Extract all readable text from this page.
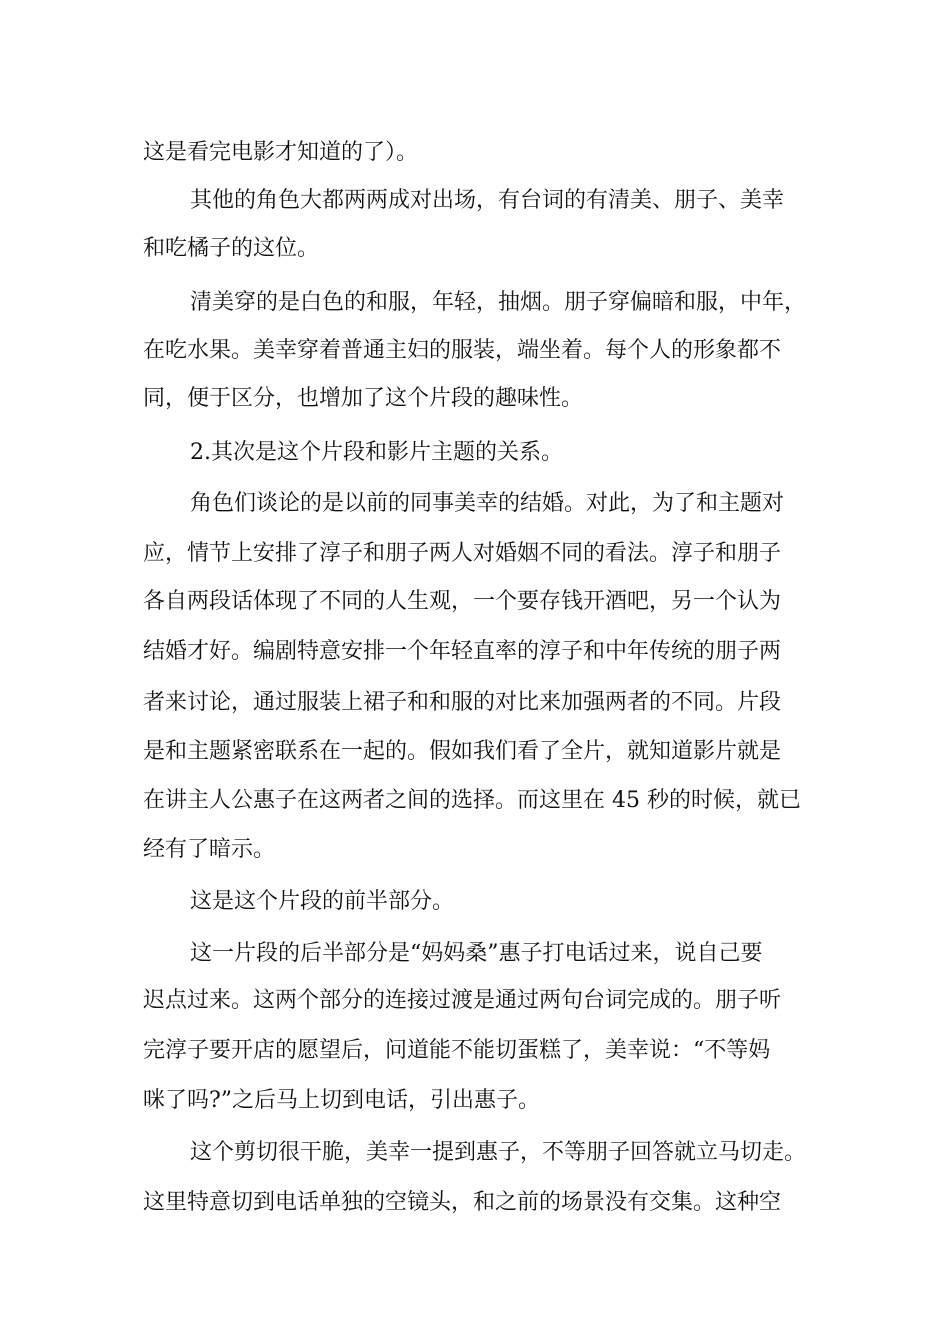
这是看完电影才知道的了）。
其他的角色大都两两成对出场，有台词的有清美、朋子、美幸
和吃橘子的这位。
清美穿的是白色的和服，年轻，抽烟。朋子穿偏暗和服，中年，
在吃水果。美幸穿着普通主妇的服装，端坐着。每个人的形象都不
同，便于区分，也增加了这个片段的趣味性。
2.其次是这个片段和影片主题的关系。
角色们谈论的是以前的同事美幸的结婚。对此，为了和主题对
应，情节上安排了淳子和朋子两人对婚姻不同的看法。淳子和朋子
各自两段话体现了不同的人生观，一个要存钱开酒吧，另一个认为
结婚才好。编剧特意安排一个年轻直率的淳子和中年传统的朋子两
者来讨论，通过服装上裙子和和服的对比来加强两者的不同。片段
是和主题紧密联系在一起的。假如我们看了全片，就知道影片就是
在讲主人公惠子在这两者之间的选择。而这里在 45 秒的时候，就已
经有了暗示。
这是这个片段的前半部分。
这一片段的后半部分是“妈妈桑”惠子打电话过来，说自己要
迟点过来。这两个部分的连接过渡是通过两句台词完成的。朋子听
完淳子要开店的愿望后，问道能不能切蛋糕了，美幸说：“不等妈
咪了吗?”之后马上切到电话，引出惠子。
这个剪切很干脆，美幸一提到惠子，不等朋子回答就立马切走。
这里特意切到电话单独的空镜头，和之前的场景没有交集。这种空
